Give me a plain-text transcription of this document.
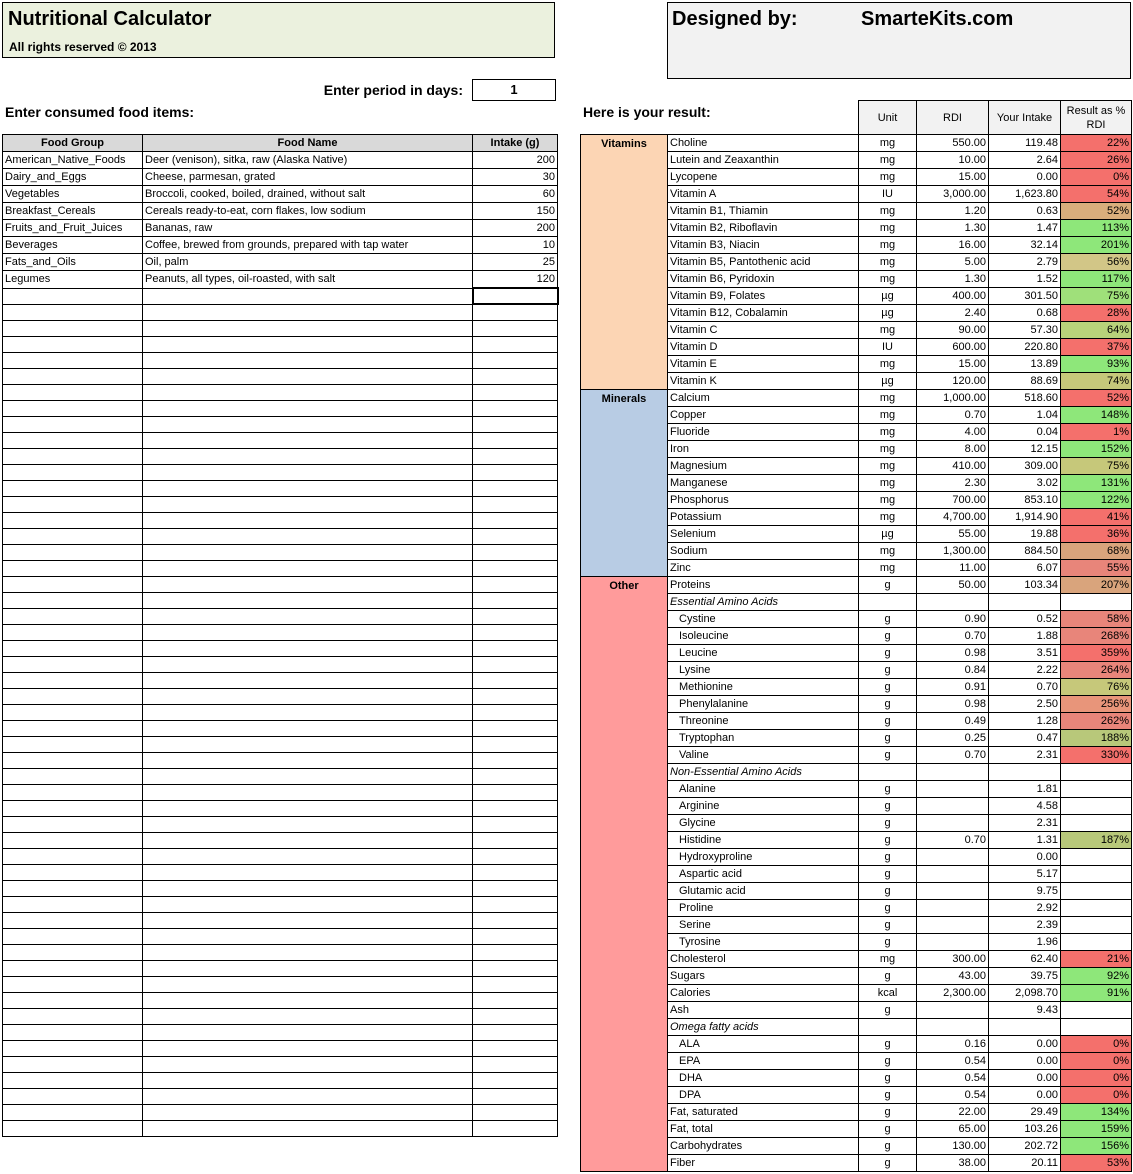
Nutritional Calculator
All rights reserved © 2013
Designed by:	SmarteKits.com
Enter period in days:	1
Enter consumed food items:	Here is your result:
Food Group	Food Name	Intake (g)
American_Native_Foods	Deer (venison), sitka, raw (Alaska Native)	200
Dairy_and_Eggs	Cheese, parmesan, grated	30
Vegetables	Broccoli, cooked, boiled, drained, without salt	60
Breakfast_Cereals	Cereals ready-to-eat, corn flakes, low sodium	150
Fruits_and_Fruit_Juices	Bananas, raw	200
Beverages	Coffee, brewed from grounds, prepared with tap water	10
Fats_and_Oils	Oil, palm	25
Legumes	Peanuts, all types, oil-roasted, with salt	120

		Unit	RDI	Your Intake	Result as % RDI
Vitamins	Choline	mg	550.00	119.48	22%
	Lutein and Zeaxanthin	mg	10.00	2.64	26%
	Lycopene	mg	15.00	0.00	0%
	Vitamin A	IU	3,000.00	1,623.80	54%
	Vitamin B1, Thiamin	mg	1.20	0.63	52%
	Vitamin B2, Riboflavin	mg	1.30	1.47	113%
	Vitamin B3, Niacin	mg	16.00	32.14	201%
	Vitamin B5, Pantothenic acid	mg	5.00	2.79	56%
	Vitamin B6, Pyridoxin	mg	1.30	1.52	117%
	Vitamin B9, Folates	µg	400.00	301.50	75%
	Vitamin B12, Cobalamin	µg	2.40	0.68	28%
	Vitamin C	mg	90.00	57.30	64%
	Vitamin D	IU	600.00	220.80	37%
	Vitamin E	mg	15.00	13.89	93%
	Vitamin K	µg	120.00	88.69	74%
Minerals	Calcium	mg	1,000.00	518.60	52%
	Copper	mg	0.70	1.04	148%
	Fluoride	mg	4.00	0.04	1%
	Iron	mg	8.00	12.15	152%
	Magnesium	mg	410.00	309.00	75%
	Manganese	mg	2.30	3.02	131%
	Phosphorus	mg	700.00	853.10	122%
	Potassium	mg	4,700.00	1,914.90	41%
	Selenium	µg	55.00	19.88	36%
	Sodium	mg	1,300.00	884.50	68%
	Zinc	mg	11.00	6.07	55%
Other	Proteins	g	50.00	103.34	207%
	Essential Amino Acids				
	Cystine	g	0.90	0.52	58%
	Isoleucine	g	0.70	1.88	268%
	Leucine	g	0.98	3.51	359%
	Lysine	g	0.84	2.22	264%
	Methionine	g	0.91	0.70	76%
	Phenylalanine	g	0.98	2.50	256%
	Threonine	g	0.49	1.28	262%
	Tryptophan	g	0.25	0.47	188%
	Valine	g	0.70	2.31	330%
	Non-Essential Amino Acids				
	Alanine	g		1.81	
	Arginine	g		4.58	
	Glycine	g		2.31	
	Histidine	g	0.70	1.31	187%
	Hydroxyproline	g		0.00	
	Aspartic acid	g		5.17	
	Glutamic acid	g		9.75	
	Proline	g		2.92	
	Serine	g		2.39	
	Tyrosine	g		1.96	
	Cholesterol	mg	300.00	62.40	21%
	Sugars	g	43.00	39.75	92%
	Calories	kcal	2,300.00	2,098.70	91%
	Ash	g		9.43	
	Omega fatty acids				
	ALA	g	0.16	0.00	0%
	EPA	g	0.54	0.00	0%
	DHA	g	0.54	0.00	0%
	DPA	g	0.54	0.00	0%
	Fat, saturated	g	22.00	29.49	134%
	Fat, total	g	65.00	103.26	159%
	Carbohydrates	g	130.00	202.72	156%
	Fiber	g	38.00	20.11	53%
